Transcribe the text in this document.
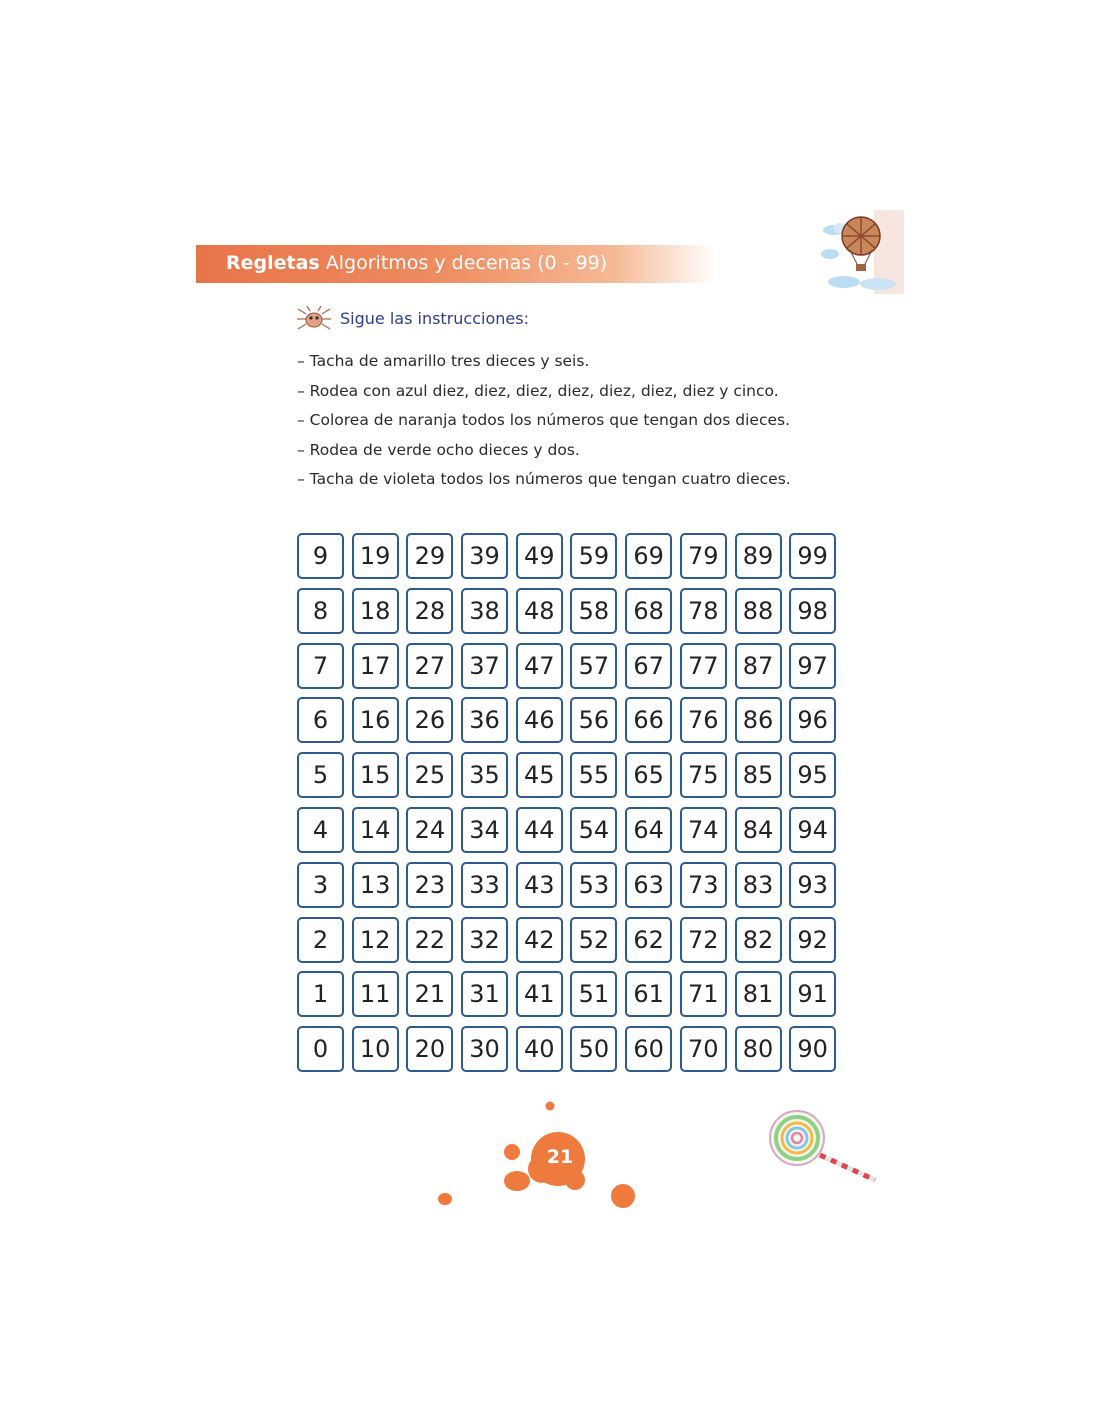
Regletas Algoritmos y decenas (0 - 99)
Sigue las instrucciones:
– Tacha de amarillo tres dieces y seis.
– Rodea con azul diez, diez, diez, diez, diez, diez, diez y cinco.
– Colorea de naranja todos los números que tengan dos dieces.
– Rodea de verde ocho dieces y dos.
– Tacha de violeta todos los números que tengan cuatro dieces.
9	19	29	39	49	59	69	79	89	99
8	18	28	38	48	58	68	78	88	98
7	17	27	37	47	57	67	77	87	97
6	16	26	36	46	56	66	76	86	96
5	15	25	35	45	55	65	75	85	95
4	14	24	34	44	54	64	74	84	94
3	13	23	33	43	53	63	73	83	93
2	12	22	32	42	52	62	72	82	92
1	11	21	31	41	51	61	71	81	91
0	10	20	30	40	50	60	70	80	90
21
